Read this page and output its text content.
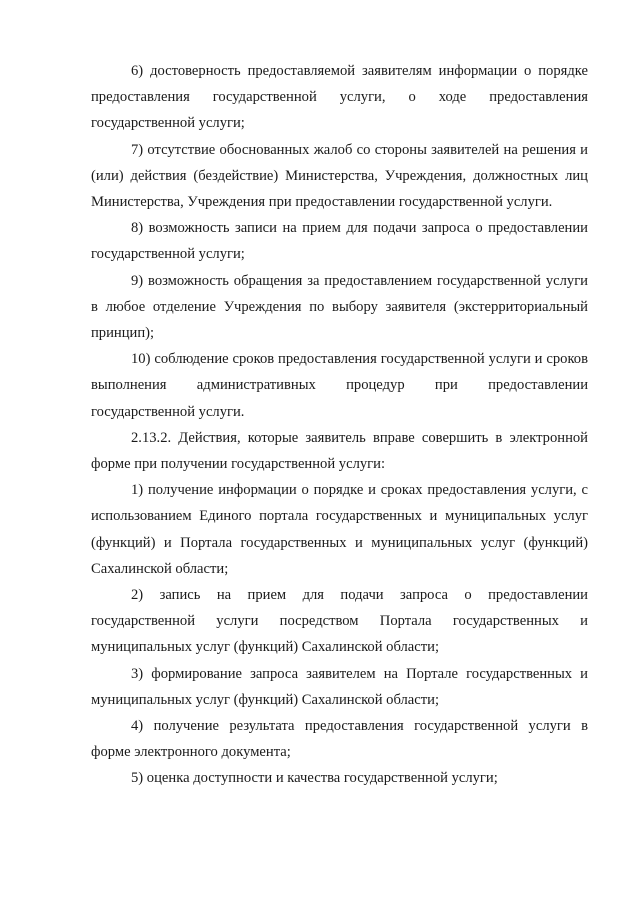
6) достоверность предоставляемой заявителям информации о порядке предоставления государственной услуги, о ходе предоставления государственной услуги;

7) отсутствие обоснованных жалоб со стороны заявителей на решения и (или) действия (бездействие) Министерства, Учреждения, должностных лиц Министерства, Учреждения при предоставлении государственной услуги.

8) возможность записи на прием для подачи запроса о предоставлении государственной услуги;

9) возможность обращения за предоставлением государственной услуги в любое отделение Учреждения по выбору заявителя (экстерриториальный принцип);

10) соблюдение сроков предоставления государственной услуги и сроков выполнения административных процедур при предоставлении государственной услуги.

2.13.2. Действия, которые заявитель вправе совершить в электронной форме при получении государственной услуги:

1) получение информации о порядке и сроках предоставления услуги, с использованием Единого портала государственных и муниципальных услуг (функций) и Портала государственных и муниципальных услуг (функций) Сахалинской области;

2) запись на прием для подачи запроса о предоставлении государственной услуги посредством Портала государственных и муниципальных услуг (функций) Сахалинской области;

3) формирование запроса заявителем на Портале государственных и муниципальных услуг (функций) Сахалинской области;

4) получение результата предоставления государственной услуги в форме электронного документа;

5) оценка доступности и качества государственной услуги;
